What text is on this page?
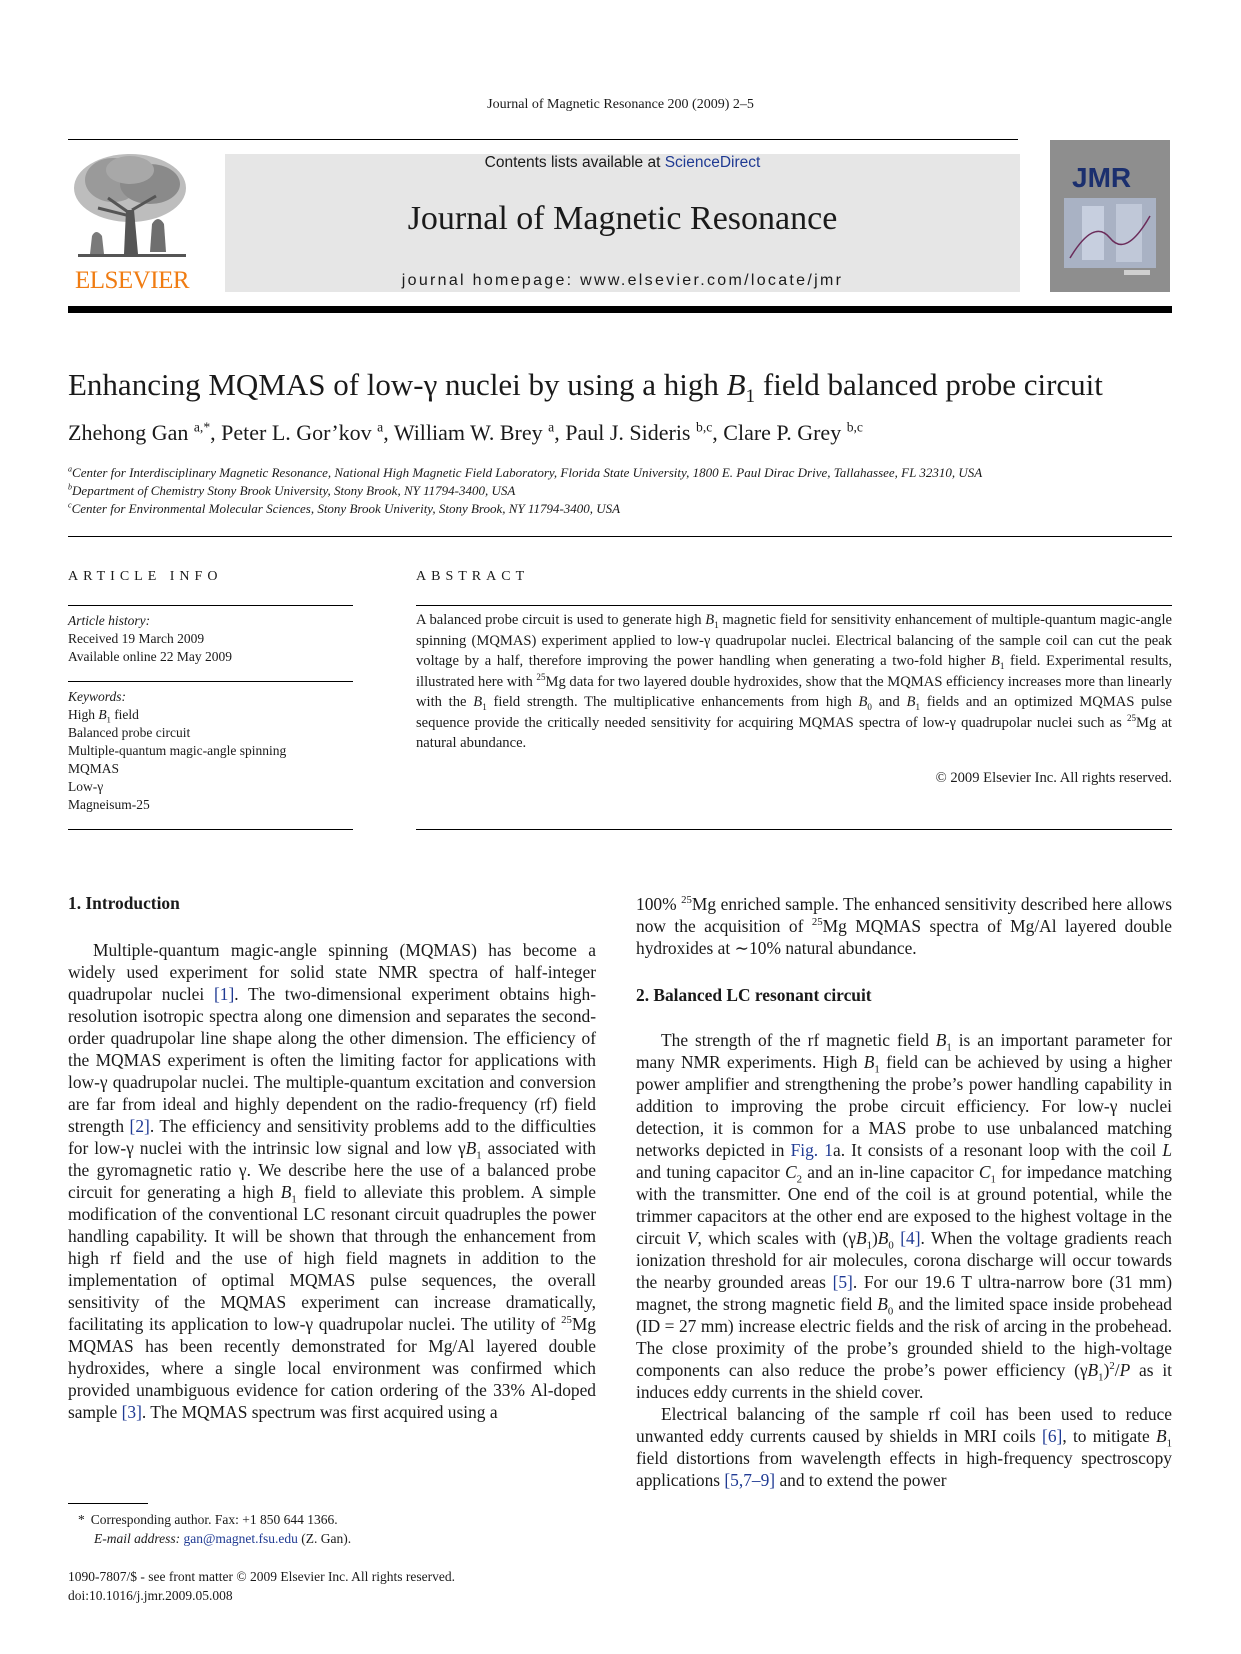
Journal of Magnetic Resonance 200 (2009) 2–5
ELSEVIER
Contents lists available at ScienceDirect
Journal of Magnetic Resonance
journal homepage: www.elsevier.com/locate/jmr
JMR
Enhancing MQMAS of low-γ nuclei by using a high $B_1$ field balanced probe circuit
Zhehong Gan $^{a,*}$, Peter L. Gor’kov $^a$, William W. Brey $^a$, Paul J. Sideris $^{b,c}$, Clare P. Grey $^{b,c}$
$^a$Center for Interdisciplinary Magnetic Resonance, National High Magnetic Field Laboratory, Florida State University, 1800 E. Paul Dirac Drive, Tallahassee, FL 32310, USA
$^b$Department of Chemistry Stony Brook University, Stony Brook, NY 11794-3400, USA
$^c$Center for Environmental Molecular Sciences, Stony Brook Univerity, Stony Brook, NY 11794-3400, USA
ARTICLE INFO
Article history:
Received 19 March 2009
Available online 22 May 2009
Keywords:
High $B_1$ field
Balanced probe circuit
Multiple-quantum magic-angle spinning
MQMAS
Low-γ
Magneisum-25
ABSTRACT
A balanced probe circuit is used to generate high $B_1$ magnetic field for sensitivity enhancement of multiple-quantum magic-angle spinning (MQMAS) experiment applied to low-γ quadrupolar nuclei. Electrical balancing of the sample coil can cut the peak voltage by a half, therefore improving the power handling when generating a two-fold higher $B_1$ field. Experimental results, illustrated here with $^{25}$Mg data for two layered double hydroxides, show that the MQMAS efficiency increases more than linearly with the $B_1$ field strength. The multiplicative enhancements from high $B_0$ and $B_1$ fields and an optimized MQMAS pulse sequence provide the critically needed sensitivity for acquiring MQMAS spectra of low-γ quadrupolar nuclei such as $^{25}$Mg at natural abundance.
© 2009 Elsevier Inc. All rights reserved.
1. Introduction

Multiple-quantum magic-angle spinning (MQMAS) has become a widely used experiment for solid state NMR spectra of half-integer quadrupolar nuclei [1]. The two-dimensional experiment obtains high-resolution isotropic spectra along one dimension and separates the second-order quadrupolar line shape along the other dimension. The efficiency of the MQMAS experiment is often the limiting factor for applications with low-γ quadrupolar nuclei. The multiple-quantum excitation and conversion are far from ideal and highly dependent on the radio-frequency (rf) field strength [2]. The efficiency and sensitivity problems add to the difficulties for low-γ nuclei with the intrinsic low signal and low $\gamma B_1$ associated with the gyromagnetic ratio γ. We describe here the use of a balanced probe circuit for generating a high $B_1$ field to alleviate this problem. A simple modification of the conventional LC resonant circuit quadruples the power handling capability. It will be shown that through the enhancement from high rf field and the use of high field magnets in addition to the implementation of optimal MQMAS pulse sequences, the overall sensitivity of the MQMAS experiment can increase dramatically, facilitating its application to low-γ quadrupolar nuclei. The utility of $^{25}$Mg MQMAS has been recently demonstrated for Mg/Al layered double hydroxides, where a single local environment was confirmed which provided unambiguous evidence for cation ordering of the 33% Al-doped sample [3]. The MQMAS spectrum was first acquired using a

100% $^{25}$Mg enriched sample. The enhanced sensitivity described here allows now the acquisition of $^{25}$Mg MQMAS spectra of Mg/Al layered double hydroxides at ∼10% natural abundance.

2. Balanced LC resonant circuit

The strength of the rf magnetic field $B_1$ is an important parameter for many NMR experiments. High $B_1$ field can be achieved by using a higher power amplifier and strengthening the probe’s power handling capability in addition to improving the probe circuit efficiency. For low-γ nuclei detection, it is common for a MAS probe to use unbalanced matching networks depicted in Fig. 1a. It consists of a resonant loop with the coil L and tuning capacitor $C_2$ and an in-line capacitor $C_1$ for impedance matching with the transmitter. One end of the coil is at ground potential, while the trimmer capacitors at the other end are exposed to the highest voltage in the circuit V, which scales with $(\gamma B_1)B_0$ [4]. When the voltage gradients reach ionization threshold for air molecules, corona discharge will occur towards the nearby grounded areas [5]. For our 19.6 T ultra-narrow bore (31 mm) magnet, the strong magnetic field $B_0$ and the limited space inside probehead (ID = 27 mm) increase electric fields and the risk of arcing in the probehead. The close proximity of the probe’s grounded shield to the high-voltage components can also reduce the probe’s power efficiency $(\gamma B_1)^2/P$ as it induces eddy currents in the shield cover.

Electrical balancing of the sample rf coil has been used to reduce unwanted eddy currents caused by shields in MRI coils [6], to mitigate $B_1$ field distortions from wavelength effects in high-frequency spectroscopy applications [5,7–9] and to extend the power

* Corresponding author. Fax: +1 850 644 1366.
E-mail address: gan@magnet.fsu.edu (Z. Gan).
1090-7807/$ - see front matter © 2009 Elsevier Inc. All rights reserved.
doi:10.1016/j.jmr.2009.05.008
